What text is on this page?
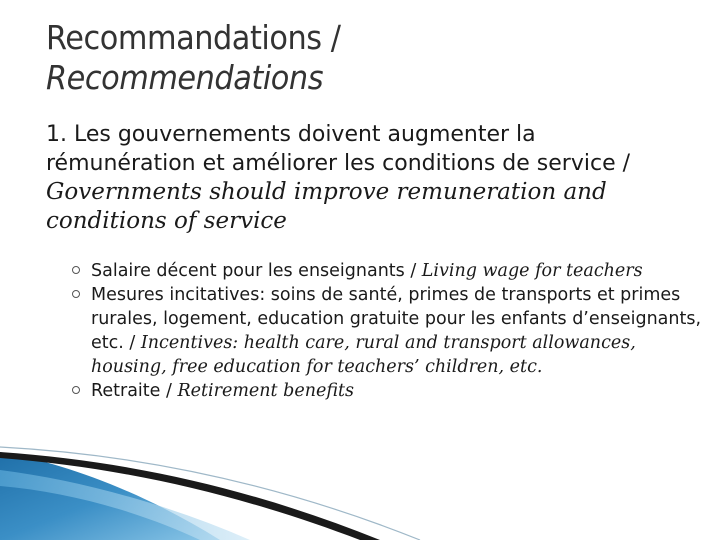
Recommandations /
Recommendations
1. Les gouvernements doivent augmenter la rémunération et améliorer les conditions de service / Governments should improve remuneration and conditions of service
Salaire décent pour les enseignants / Living wage for teachers
Mesures incitatives: soins de santé, primes de transports et primes rurales, logement, education gratuite pour les enfants d’enseignants, etc. / Incentives: health care, rural and transport allowances, housing, free education for teachers’ children, etc.
Retraite / Retirement benefits
